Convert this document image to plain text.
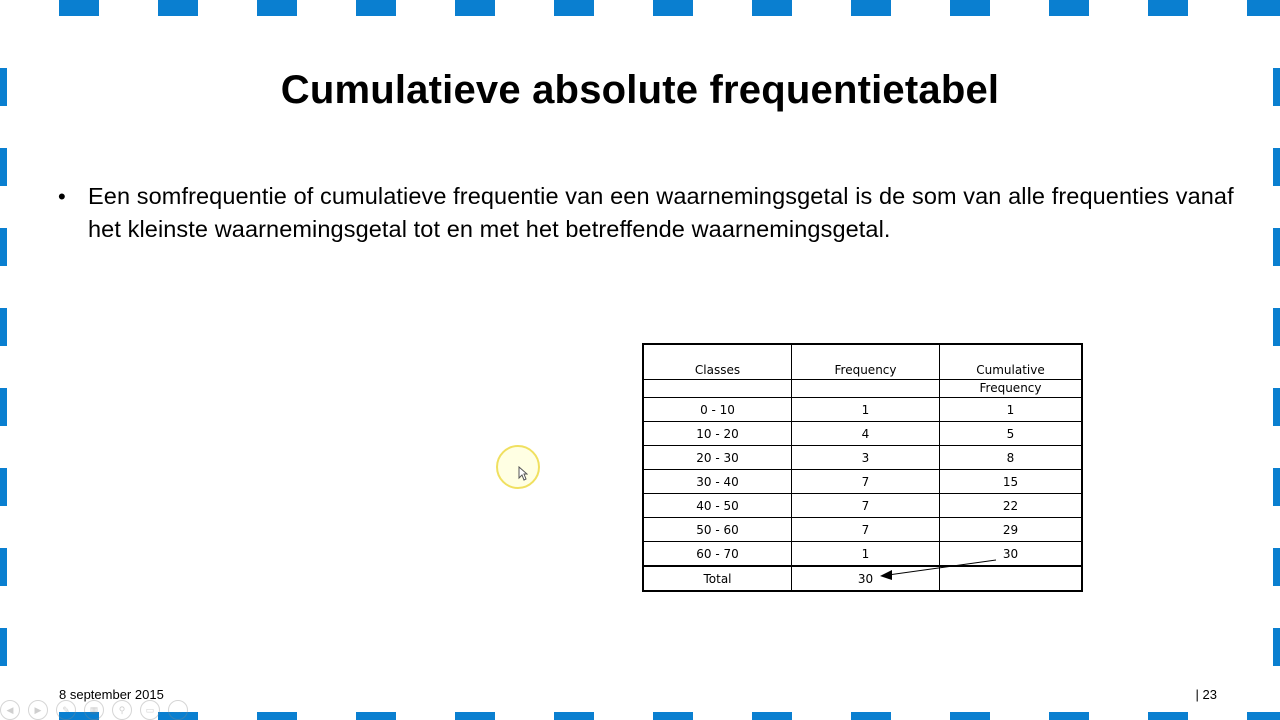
Cumulatieve absolute frequentietabel
• Een somfrequentie of cumulatieve frequentie van een waarnemingsgetal is de som van alle frequenties vanaf het kleinste waarnemingsgetal tot en met het betreffende waarnemingsgetal.
Classes	Frequency	Cumulative
Frequency

0 - 10	1	1
10 - 20	4	5
20 - 30	3	8
30 - 40	7	15
40 - 50	7	22
50 - 60	7	29
60 - 70	1	30
Total	30	
8 september 2015	| 23
◀	▶	✎	▦	⚲	▭	…
